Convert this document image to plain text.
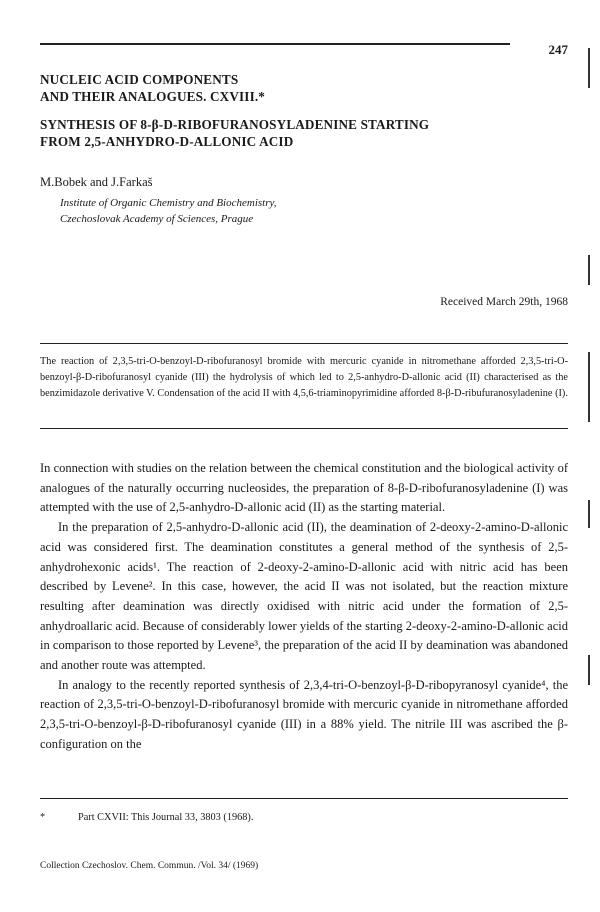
247
NUCLEIC ACID COMPONENTS
AND THEIR ANALOGUES. CXVIII.*
SYNTHESIS OF 8-β-D-RIBOFURANOSYLADENINE STARTING
FROM 2,5-ANHYDRO-D-ALLONIC ACID
M.Bobek and J.Farkaš
Institute of Organic Chemistry and Biochemistry,
Czechoslovak Academy of Sciences, Prague
Received March 29th, 1968
The reaction of 2,3,5-tri-O-benzoyl-D-ribofuranosyl bromide with mercuric cyanide in nitromethane afforded 2,3,5-tri-O-benzoyl-β-D-ribofuranosyl cyanide (III) the hydrolysis of which led to 2,5-anhydro-D-allonic acid (II) characterised as the benzimidazole derivative V. Condensation of the acid II with 4,5,6-triaminopyrimidine afforded 8-β-D-ribufuranosyladenine (I).

In connection with studies on the relation between the chemical constitution and the biological activity of analogues of the naturally occurring nucleosides, the preparation of 8-β-D-ribofuranosyladenine (I) was attempted with the use of 2,5-anhydro-D-allonic acid (II) as the starting material.

In the preparation of 2,5-anhydro-D-allonic acid (II), the deamination of 2-deoxy-2-amino-D-allonic acid was considered first. The deamination constitutes a general method of the synthesis of 2,5-anhydrohexonic acids¹. The reaction of 2-deoxy-2-amino-D-allonic acid with nitric acid has been described by Levene². In this case, however, the acid II was not isolated, but the reaction mixture resulting after deamination was directly oxidised with nitric acid under the formation of 2,5-anhydroallaric acid. Because of considerably lower yields of the starting 2-deoxy-2-amino-D-allonic acid in comparison to those reported by Levene³, the preparation of the acid II by deamination was abandoned and another route was attempted.

In analogy to the recently reported synthesis of 2,3,4-tri-O-benzoyl-β-D-ribopyranosyl cyanide⁴, the reaction of 2,3,5-tri-O-benzoyl-D-ribofuranosyl bromide with mercuric cyanide in nitromethane afforded 2,3,5-tri-O-benzoyl-β-D-ribofuranosyl cyanide (III) in a 88% yield. The nitrile III was ascribed the β-configuration on the

*	Part CXVII: This Journal 33, 3803 (1968).
Collection Czechoslov. Chem. Commun. /Vol. 34/ (1969)
